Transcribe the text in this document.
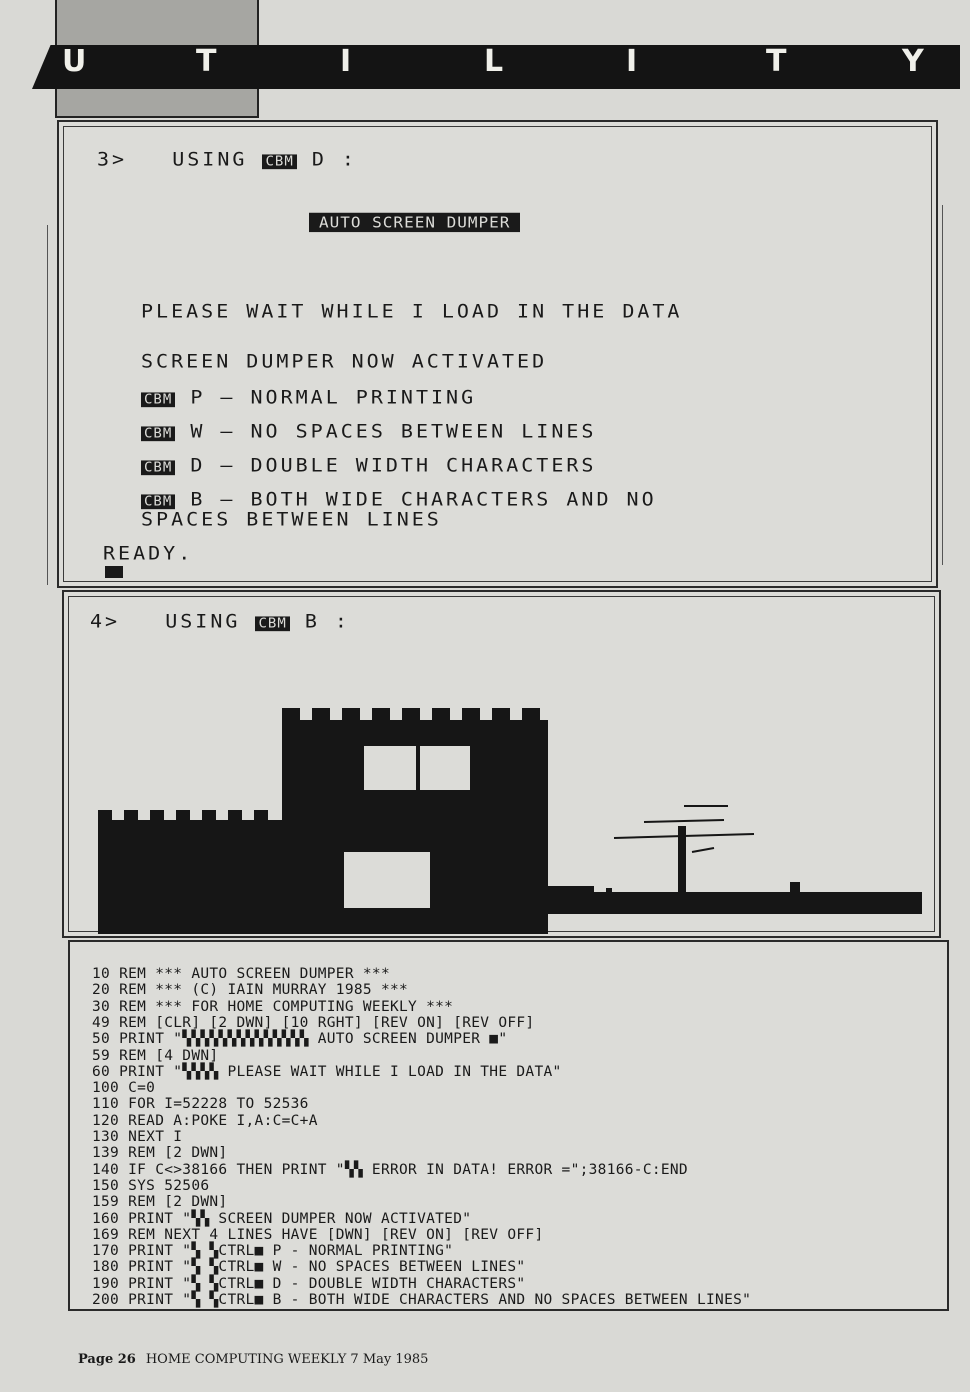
U	T	I	L	I	T	Y
3> USING CBM D :
AUTO SCREEN DUMPER
PLEASE WAIT WHILE I LOAD IN THE DATA
SCREEN DUMPER NOW ACTIVATED
CBM P – NORMAL PRINTING
CBM W – NO SPACES BETWEEN LINES
CBM D – DOUBLE WIDTH CHARACTERS
CBM B – BOTH WIDE CHARACTERS AND NO
SPACES BETWEEN LINES
READY.
4> USING CBM B :
10 REM *** AUTO SCREEN DUMPER ***
20 REM *** (C) IAIN MURRAY 1985 ***
30 REM *** FOR HOME COMPUTING WEEKLY ***
49 REM [CLR] [2 DWN] [10 RGHT] [REV ON] [REV OFF]
50 PRINT "▚▚▚▚▚▚▚▚▚▚▚▚▚▚ AUTO SCREEN DUMPER ■"
59 REM [4 DWN]
60 PRINT "▚▚▚▚ PLEASE WAIT WHILE I LOAD IN THE DATA"
100 C=0
110 FOR I=52228 TO 52536
120 READ A:POKE I,A:C=C+A
130 NEXT I
139 REM [2 DWN]
140 IF C<>38166 THEN PRINT "▚▚ ERROR IN DATA! ERROR =";38166-C:END
150 SYS 52506
159 REM [2 DWN]
160 PRINT "▚▚ SCREEN DUMPER NOW ACTIVATED"
169 REM NEXT 4 LINES HAVE [DWN] [REV ON] [REV OFF]
170 PRINT "▚ ▚CTRL■ P - NORMAL PRINTING"
180 PRINT "▚ ▚CTRL■ W - NO SPACES BETWEEN LINES"
190 PRINT "▚ ▚CTRL■ D - DOUBLE WIDTH CHARACTERS"
200 PRINT "▚ ▚CTRL■ B - BOTH WIDE CHARACTERS AND NO SPACES BETWEEN LINES"
Page 26 HOME COMPUTING WEEKLY 7 May 1985
